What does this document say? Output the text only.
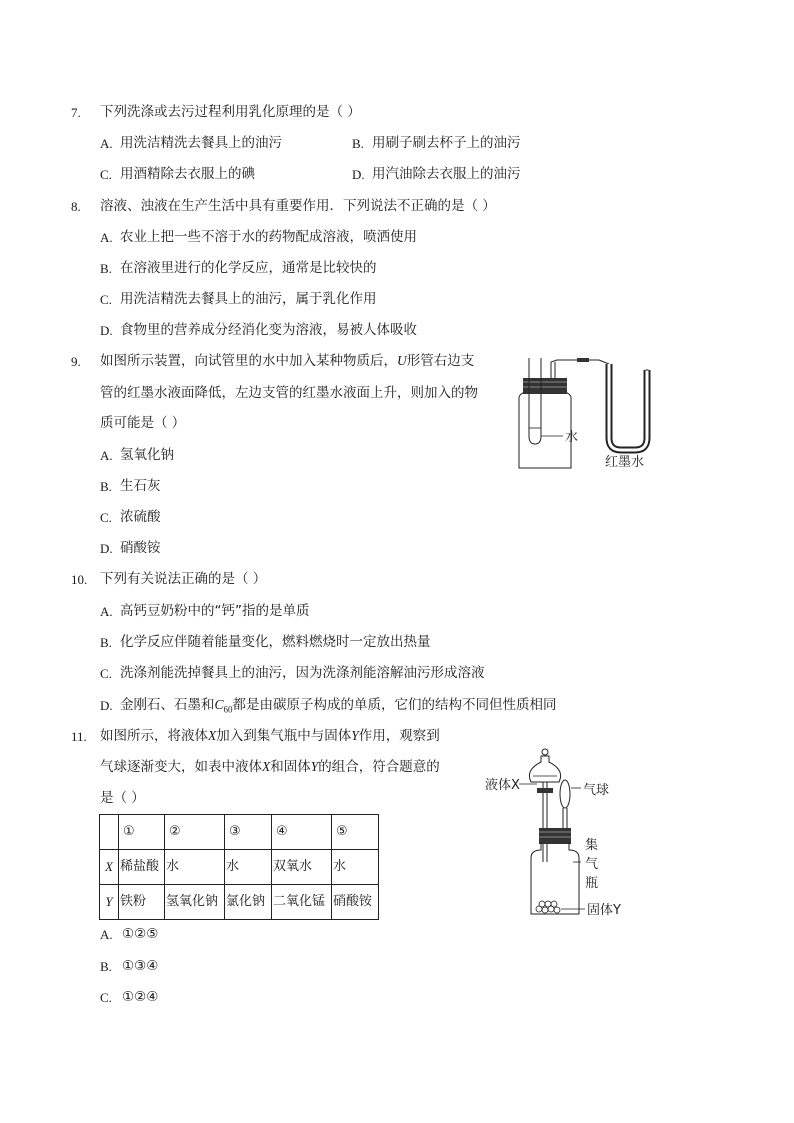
7. 下列洗涤或去污过程利用乳化原理的是（ ）
A. 用洗洁精洗去餐具上的油污	B. 用刷子刷去杯子上的油污
C. 用酒精除去衣服上的碘	D. 用汽油除去衣服上的油污
8. 溶液、浊液在生产生活中具有重要作用．下列说法不正确的是（ ）
A. 农业上把一些不溶于水的药物配成溶液，喷洒使用
B. 在溶液里进行的化学反应，通常是比较快的
C. 用洗洁精洗去餐具上的油污，属于乳化作用
D. 食物里的营养成分经消化变为溶液，易被人体吸收
9. 如图所示装置，向试管里的水中加入某种物质后，U形管右边支
管的红墨水液面降低，左边支管的红墨水液面上升，则加入的物
质可能是（ ）
A. 氢氧化钠
B. 生石灰
C. 浓硫酸
D. 硝酸铵
水
红墨水
10. 下列有关说法正确的是（ ）
A. 高钙豆奶粉中的“钙”指的是单质
B. 化学反应伴随着能量变化，燃料燃烧时一定放出热量
C. 洗涤剂能洗掉餐具上的油污，因为洗涤剂能溶解油污形成溶液
D. 金刚石、石墨和$C_{60}$都是由碳原子构成的单质，它们的结构不同但性质相同
11. 如图所示，将液体X加入到集气瓶中与固体Y作用，观察到
气球逐渐变大，如表中液体X和固体Y的组合，符合题意的
是（ ）
	①	②	③	④	⑤
X	稀盐酸	水	水	双氧水	水
Y	铁粉	氢氧化钠	氯化钠	二氧化锰	硝酸铵
A. ①②⑤
B. ①③④
C. ①②④
液体X	气球
集
气
瓶
固体Y
